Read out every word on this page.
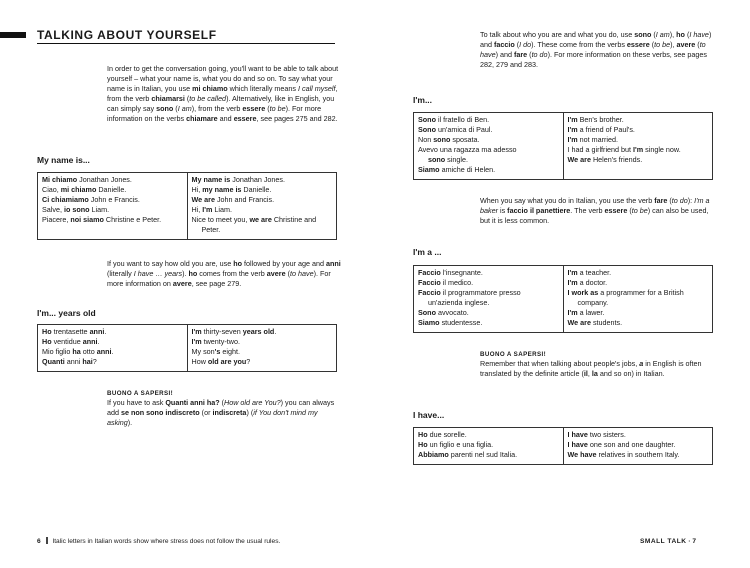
TALKING ABOUT YOURSELF
In order to get the conversation going, you'll want to be able to talk about yourself – what your name is, what you do and so on. To say what your name is in Italian, you use mi chiamo which literally means I call myself, from the verb chiamarsi (to be called). Alternatively, like in English, you can simply say sono (I am), from the verb essere (to be). For more information on the verbs chiamare and essere, see pages 275 and 282.
My name is...
Mi chiamo Jonathan Jones.
Ciao, mi chiamo Danielle.
Ci chiamiamo John e Francis.
Salve, io sono Liam.
Piacere, noi siamo Christine e Peter.
My name is Jonathan Jones.
Hi, my name is Danielle.
We are John and Francis.
Hi, I'm Liam.
Nice to meet you, we are Christine and
Peter.
If you want to say how old you are, use ho followed by your age and anni (literally I have … years). ho comes from the verb avere (to have). For more information on avere, see page 279.
I'm... years old
Ho trentasette anni.
Ho ventidue anni.
Mio figlio ha otto anni.
Quanti anni hai?
I'm thirty-seven years old.
I'm twenty-two.
My son's eight.
How old are you?
BUONO A SAPERSI!
If you have to ask Quanti anni ha? (How old are You?) you can always add se non sono indiscreto (or indiscreta) (if You don't mind my asking).
6 Italic letters in Italian words show where stress does not follow the usual rules.
To talk about who you are and what you do, use sono (I am), ho (I have) and faccio (I do). These come from the verbs essere (to be), avere (to have) and fare (to do). For more information on these verbs, see pages 282, 279 and 283.
I'm...
Sono il fratello di Ben.
Sono un'amica di Paul.
Non sono sposata.
Avevo una ragazza ma adesso
sono single.
Siamo amiche di Helen.
I'm Ben's brother.
I'm a friend of Paul's.
I'm not married.
I had a girlfriend but I'm single now.
We are Helen's friends.
When you say what you do in Italian, you use the verb fare (to do): I'm a baker is faccio il panettiere. The verb essere (to be) can also be used, but it is less common.
I'm a ...
Faccio l'insegnante.
Faccio il medico.
Faccio il programmatore presso
un'azienda inglese.
Sono avvocato.
Siamo studentesse.
I'm a teacher.
I'm a doctor.
I work as a programmer for a British
company.
I'm a lawer.
We are students.
BUONO A SAPERSI!
Remember that when talking about people's jobs, a in English is often translated by the definite article (il, la and so on) in Italian.
I have...
Ho due sorelle.
Ho un figlio e una figlia.
Abbiamo parenti nel sud Italia.
I have two sisters.
I have one son and one daughter.
We have relatives in southern Italy.
SMALL TALK · 7
